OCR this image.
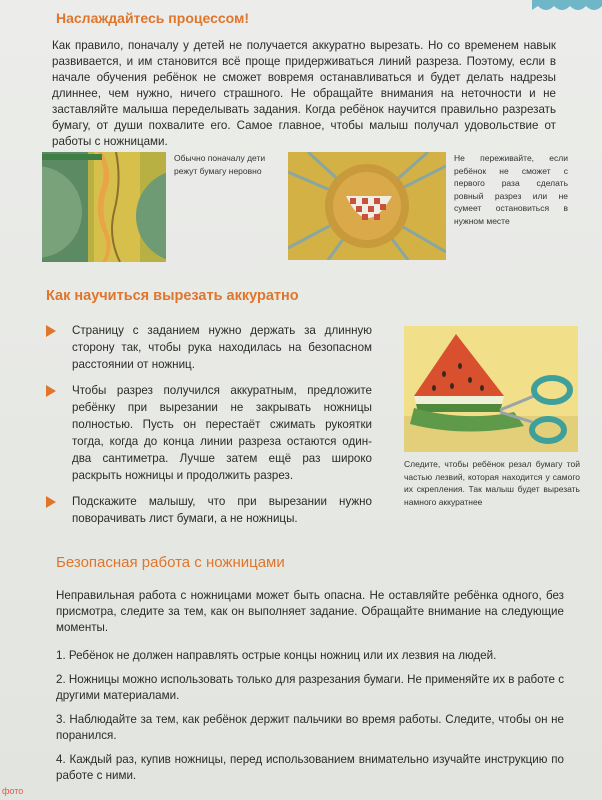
Наслаждайтесь процессом!
Как правило, поначалу у детей не получается аккуратно вырезать. Но со временем навык развивается, и им становится всё проще придерживаться линий разреза. Поэтому, если в начале обучения ребёнок не сможет вовремя останавливаться и будет делать надрезы длиннее, чем нужно, ничего страшного. Не обращайте внимания на неточности и не заставляйте малыша переделывать задания. Когда ребёнок научится правильно разрезать бумагу, от души похвалите его. Самое главное, чтобы малыш получал удовольствие от работы с ножницами.
Обычно поначалу дети режут бумагу неровно
Не переживайте, если ребёнок не сможет с первого раза сделать ровный разрез или не сумеет остановиться в нужном месте
Как научиться вырезать аккуратно
Страницу с заданием нужно держать за длинную сторону так, чтобы рука находилась на безопасном расстоянии от ножниц.
Чтобы разрез получился аккуратным, предложите ребёнку при вырезании не закрывать ножницы полностью. Пусть он перестаёт сжимать рукоятки тогда, когда до конца линии разреза остаются один-два сантиметра. Лучше затем ещё раз широко раскрыть ножницы и продолжить разрез.
Подскажите малышу, что при вырезании нужно поворачивать лист бумаги, а не ножницы.
Следите, чтобы ребёнок резал бумагу той частью лезвий, которая находится у самого их скрепления. Так малыш будет вырезать намного аккуратнее
Безопасная работа с ножницами
Неправильная работа с ножницами может быть опасна. Не оставляйте ребёнка одного, без присмотра, следите за тем, как он выполняет задание. Обращайте внимание на следующие моменты.
1. Ребёнок не должен направлять острые концы ножниц или их лезвия на людей.
2. Ножницы можно использовать только для разрезания бумаги. Не применяйте их в работе с другими материалами.
3. Наблюдайте за тем, как ребёнок держит пальчики во время работы. Следите, чтобы он не поранился.
4. Каждый раз, купив ножницы, перед использованием внимательно изучайте инструкцию по работе с ними.
фото
